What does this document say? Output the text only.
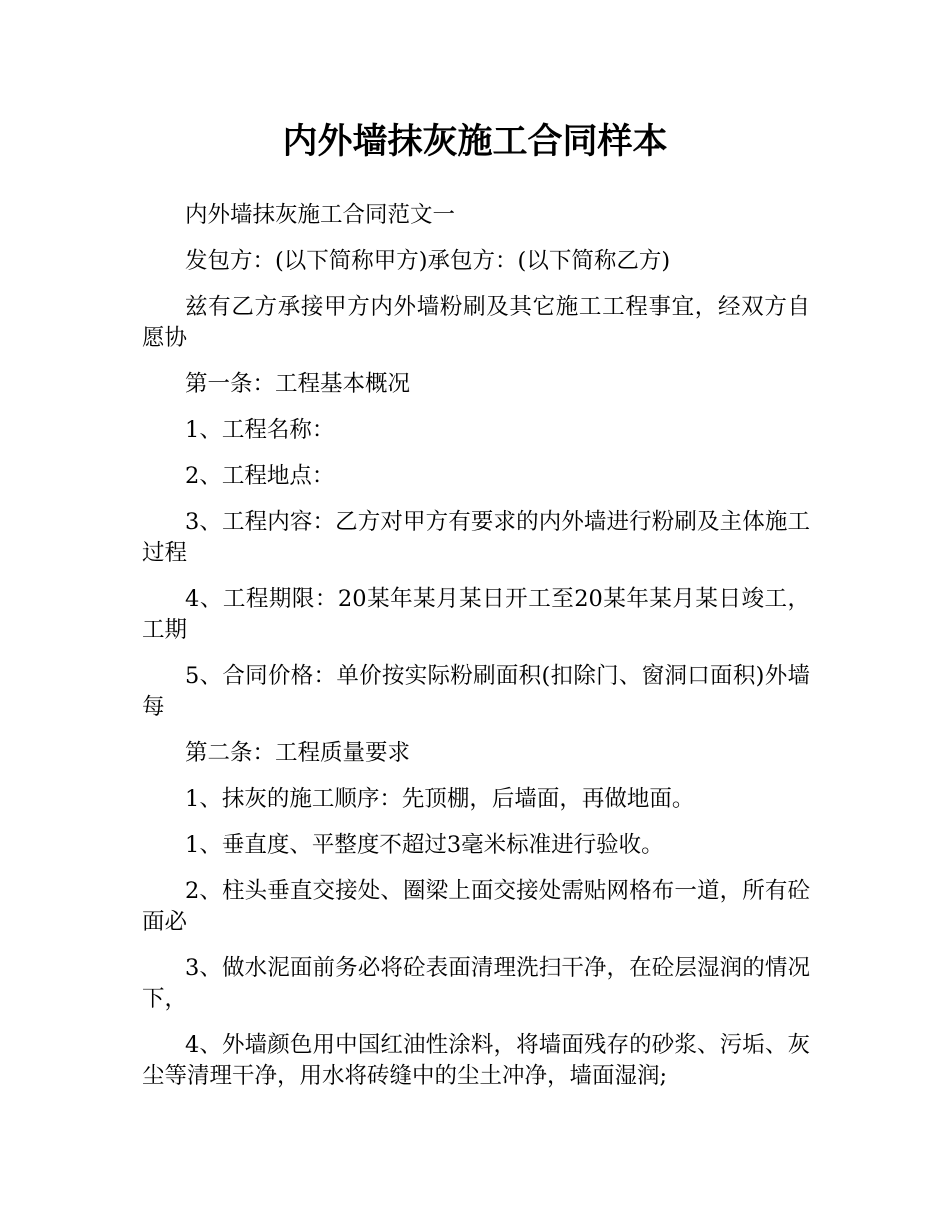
内外墙抹灰施工合同样本

内外墙抹灰施工合同范文一

发包方：(以下简称甲方)承包方：(以下简称乙方)

兹有乙方承接甲方内外墙粉刷及其它施工工程事宜，经双方自愿协

第一条：工程基本概况

1、工程名称：

2、工程地点：

3、工程内容：乙方对甲方有要求的内外墙进行粉刷及主体施工过程

4、工程期限：20某年某月某日开工至20某年某月某日竣工，工期

5、合同价格：单价按实际粉刷面积(扣除门、窗洞口面积)外墙每

第二条：工程质量要求

1、抹灰的施工顺序：先顶棚，后墙面，再做地面。

1、垂直度、平整度不超过3毫米标准进行验收。

2、柱头垂直交接处、圈梁上面交接处需贴网格布一道，所有砼面必

3、做水泥面前务必将砼表面清理洗扫干净，在砼层湿润的情况下，

4、外墙颜色用中国红油性涂料，将墙面残存的砂浆、污垢、灰尘等清理干净，用水将砖缝中的尘土冲净，墙面湿润;
